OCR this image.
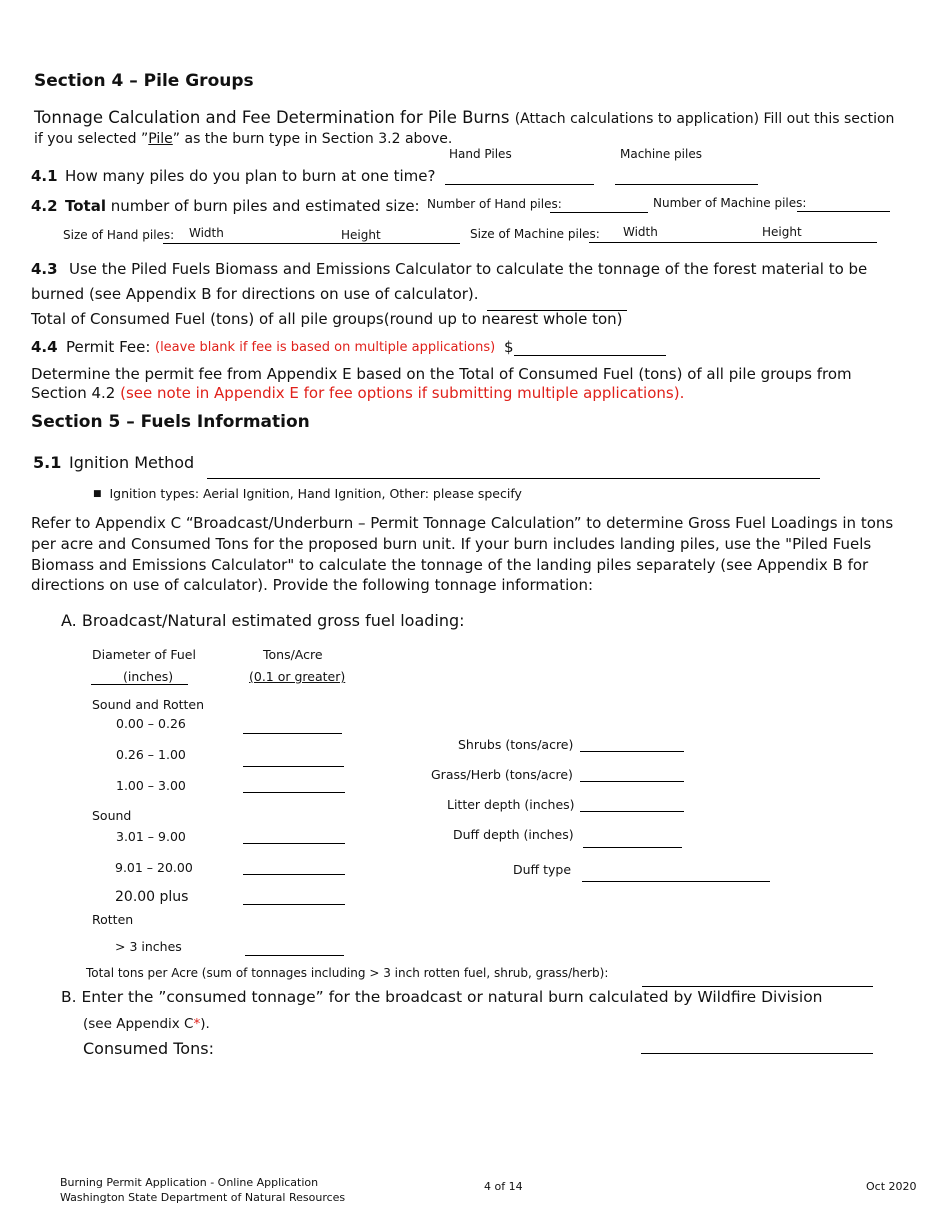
Section 4 – Pile Groups
Tonnage Calculation and Fee Determination for Pile Burns (Attach calculations to application) Fill out this section
if you selected ”Pile” as the burn type in Section 3.2 above.
Hand Piles	Machine piles
4.1 How many piles do you plan to burn at one time?
4.2 Total number of burn piles and estimated size: Number of Hand piles:	Number of Machine piles:
Size of Hand piles: Width	Height	Size of Machine piles: Width	Height
4.3 Use the Piled Fuels Biomass and Emissions Calculator to calculate the tonnage of the forest material to be
burned (see Appendix B for directions on use of calculator).
Total of Consumed Fuel (tons) of all pile groups(round up to nearest whole ton)
4.4 Permit Fee: (leave blank if fee is based on multiple applications) $
Determine the permit fee from Appendix E based on the Total of Consumed Fuel (tons) of all pile groups from
Section 4.2 (see note in Appendix E for fee options if submitting multiple applications).
Section 5 – Fuels Information
5.1 Ignition Method
■ Ignition types: Aerial Ignition, Hand Ignition, Other: please specify
Refer to Appendix C “Broadcast/Underburn – Permit Tonnage Calculation” to determine Gross Fuel Loadings in tons
per acre and Consumed Tons for the proposed burn unit. If your burn includes landing piles, use the "Piled Fuels
Biomass and Emissions Calculator" to calculate the tonnage of the landing piles separately (see Appendix B for
directions on use of calculator). Provide the following tonnage information:
A. Broadcast/Natural estimated gross fuel loading:
Diameter of Fuel
(inches)
Tons/Acre
(0.1 or greater)
Sound and Rotten
0.00 – 0.26
0.26 – 1.00
1.00 – 3.00
Sound
3.01 – 9.00
9.01 – 20.00
20.00 plus
Rotten
> 3 inches
Shrubs (tons/acre)
Grass/Herb (tons/acre)
Litter depth (inches)
Duff depth (inches)
Duff type
Total tons per Acre (sum of tonnages including > 3 inch rotten fuel, shrub, grass/herb):
B. Enter the ”consumed tonnage” for the broadcast or natural burn calculated by Wildfire Division
(see Appendix C*).
Consumed Tons:
Burning Permit Application - Online Application
Washington State Department of Natural Resources
4 of 14	Oct 2020
